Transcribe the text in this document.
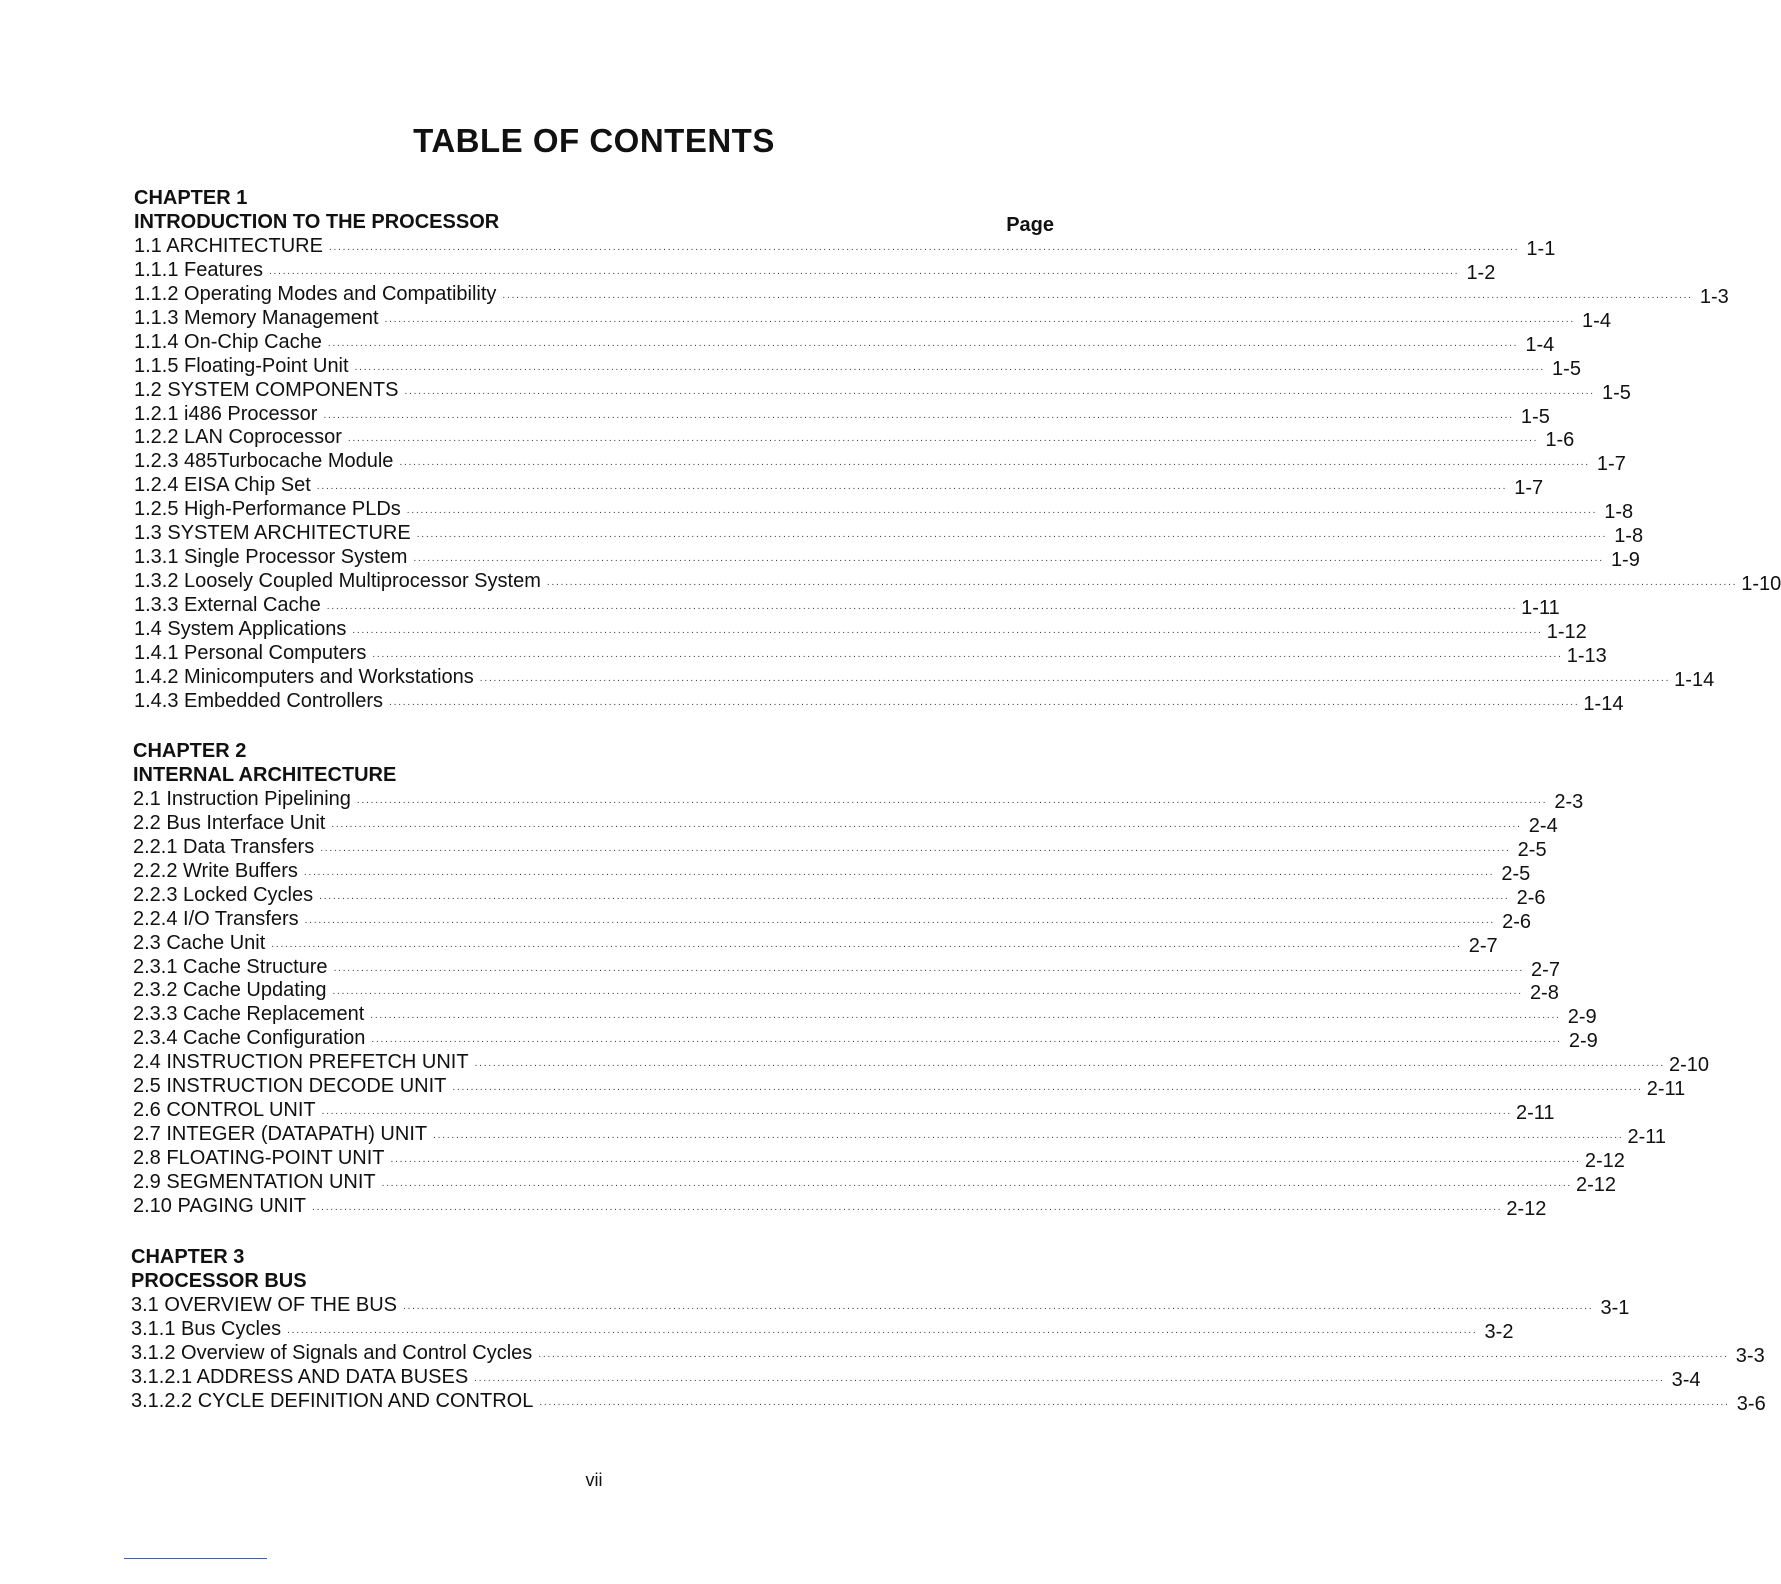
TABLE OF CONTENTS
CHAPTER 1
INTRODUCTION TO THE PROCESSOR	Page
1.1 ARCHITECTURE .................................................................................................................................................................................................................................................................... 1-1
1.1.1 Features .................................................................................................................................................................................................................................................................... 1-2
1.1.2 Operating Modes and Compatibility .................................................................................................................................................................................................................................................................... 1-3
1.1.3 Memory Management .................................................................................................................................................................................................................................................................... 1-4
1.1.4 On-Chip Cache .................................................................................................................................................................................................................................................................... 1-4
1.1.5 Floating-Point Unit .................................................................................................................................................................................................................................................................... 1-5
1.2 SYSTEM COMPONENTS .................................................................................................................................................................................................................................................................... 1-5
1.2.1 i486 Processor .................................................................................................................................................................................................................................................................... 1-5
1.2.2 LAN Coprocessor .................................................................................................................................................................................................................................................................... 1-6
1.2.3 485Turbocache Module .................................................................................................................................................................................................................................................................... 1-7
1.2.4 EISA Chip Set .................................................................................................................................................................................................................................................................... 1-7
1.2.5 High-Performance PLDs .................................................................................................................................................................................................................................................................... 1-8
1.3 SYSTEM ARCHITECTURE .................................................................................................................................................................................................................................................................... 1-8
1.3.1 Single Processor System .................................................................................................................................................................................................................................................................... 1-9
1.3.2 Loosely Coupled Multiprocessor System .................................................................................................................................................................................................................................................................... 1-10
1.3.3 External Cache .................................................................................................................................................................................................................................................................... 1-11
1.4 System Applications .................................................................................................................................................................................................................................................................... 1-12
1.4.1 Personal Computers .................................................................................................................................................................................................................................................................... 1-13
1.4.2 Minicomputers and Workstations .................................................................................................................................................................................................................................................................... 1-14
1.4.3 Embedded Controllers .................................................................................................................................................................................................................................................................... 1-14
CHAPTER 2
INTERNAL ARCHITECTURE
2.1 Instruction Pipelining .................................................................................................................................................................................................................................................................... 2-3
2.2 Bus Interface Unit .................................................................................................................................................................................................................................................................... 2-4
2.2.1 Data Transfers .................................................................................................................................................................................................................................................................... 2-5
2.2.2 Write Buffers .................................................................................................................................................................................................................................................................... 2-5
2.2.3 Locked Cycles .................................................................................................................................................................................................................................................................... 2-6
2.2.4 I/O Transfers .................................................................................................................................................................................................................................................................... 2-6
2.3 Cache Unit .................................................................................................................................................................................................................................................................... 2-7
2.3.1 Cache Structure .................................................................................................................................................................................................................................................................... 2-7
2.3.2 Cache Updating .................................................................................................................................................................................................................................................................... 2-8
2.3.3 Cache Replacement .................................................................................................................................................................................................................................................................... 2-9
2.3.4 Cache Configuration .................................................................................................................................................................................................................................................................... 2-9
2.4 INSTRUCTION PREFETCH UNIT .................................................................................................................................................................................................................................................................... 2-10
2.5 INSTRUCTION DECODE UNIT .................................................................................................................................................................................................................................................................... 2-11
2.6 CONTROL UNIT .................................................................................................................................................................................................................................................................... 2-11
2.7 INTEGER (DATAPATH) UNIT .................................................................................................................................................................................................................................................................... 2-11
2.8 FLOATING-POINT UNIT .................................................................................................................................................................................................................................................................... 2-12
2.9 SEGMENTATION UNIT .................................................................................................................................................................................................................................................................... 2-12
2.10 PAGING UNIT .................................................................................................................................................................................................................................................................... 2-12
CHAPTER 3
PROCESSOR BUS
3.1 OVERVIEW OF THE BUS .................................................................................................................................................................................................................................................................... 3-1
3.1.1 Bus Cycles .................................................................................................................................................................................................................................................................... 3-2
3.1.2 Overview of Signals and Control Cycles .................................................................................................................................................................................................................................................................... 3-3
3.1.2.1 ADDRESS AND DATA BUSES .................................................................................................................................................................................................................................................................... 3-4
3.1.2.2 CYCLE DEFINITION AND CONTROL .................................................................................................................................................................................................................................................................... 3-6
vii
